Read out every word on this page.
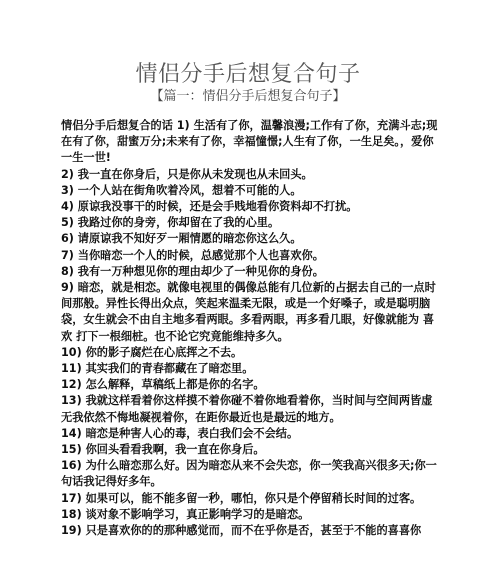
情侣分手后想复合句子
【篇一：情侣分手后想复合句子】

情侣分手后想复合的话 1) 生活有了你，温馨浪漫;工作有了你，充满斗志;现在有了你，甜蜜万分;未来有了你，幸福憧憬;人生有了你，一生足矣。，爱你一生一世!

2) 我一直在你身后，只是你从未发现也从未回头。

3) 一个人站在街角吹着冷风，想着不可能的人。

4) 原谅我没事干的时候，还是会手贱地看你资料却不打扰。

5) 我路过你的身旁，你却留在了我的心里。

6) 请原谅我不知好歹一厢情愿的暗恋你这么久。

7) 当你暗恋一个人的时候，总感觉那个人也喜欢你。

8) 我有一万种想见你的理由却少了一种见你的身份。

9) 暗恋，就是相恋。就像电视里的偶像总能有几位新的占据去自己的一点时间那般。异性长得出众点，笑起来温柔无限，或是一个好嗓子，或是聪明脑袋，女生就会不由自主地多看两眼。多看两眼，再多看几眼，好像就能为 喜欢 打下一根细桩。也不论它究竟能维持多久。

10) 你的影子腐烂在心底挥之不去。

11) 其实我们的青春都藏在了暗恋里。

12) 怎么解释，草稿纸上都是你的名字。

13) 我就这样看着你这样摸不着你碰不着你地看着你，当时间与空间两皆虚无我依然不悔地凝视着你，在距你最近也是最远的地方。

14) 暗恋是种害人心的毒，表白我们会不会结。

15) 你回头看看我啊，我一直在你身后。

16) 为什么暗恋那么好。因为暗恋从来不会失恋，你一笑我高兴很多天;你一句话我记得好多年。

17) 如果可以，能不能多留一秒，哪怕，你只是个停留稍长时间的过客。

18) 谈对象不影响学习，真正影响学习的是暗恋。

19) 只是喜欢你的的那种感觉而，而不在乎你是否，甚至于不能的喜喜你
